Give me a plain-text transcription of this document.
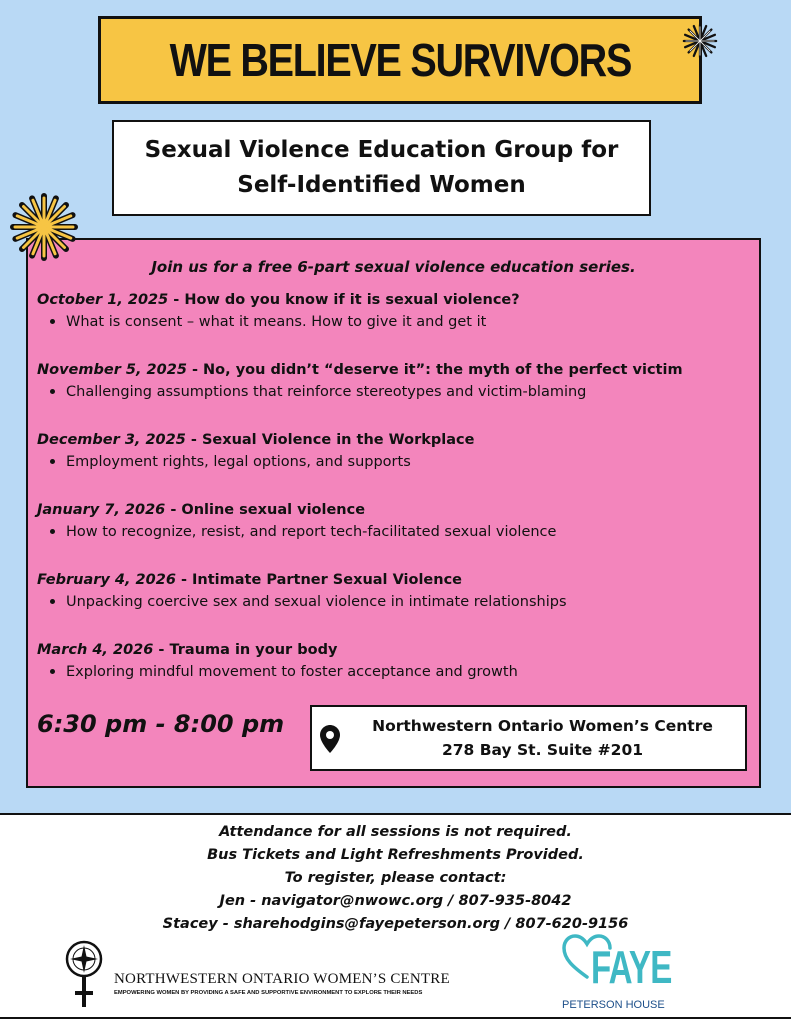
WE BELIEVE SURVIVORS
Sexual Violence Education Group for
Self-Identified Women
Join us for a free 6-part sexual violence education series.
October 1, 2025 - How do you know if it is sexual violence?
What is consent – what it means. How to give it and get it
November 5, 2025 - No, you didn’t “deserve it”: the myth of the perfect victim
Challenging assumptions that reinforce stereotypes and victim-blaming
December 3, 2025 - Sexual Violence in the Workplace
Employment rights, legal options, and supports
January 7, 2026 - Online sexual violence
How to recognize, resist, and report tech-facilitated sexual violence
February 4, 2026 - Intimate Partner Sexual Violence
Unpacking coercive sex and sexual violence in intimate relationships
March 4, 2026 - Trauma in your body
Exploring mindful movement to foster acceptance and growth
6:30 pm - 8:00 pm	Northwestern Ontario Women’s Centre
278 Bay St. Suite #201
Attendance for all sessions is not required.
Bus Tickets and Light Refreshments Provided.
To register, please contact:
Jen - navigator@nwowc.org / 807-935-8042
Stacey - sharehodgins@fayepeterson.org / 807-620-9156
NORTHWESTERN ONTARIO WOMEN’S CENTRE
EMPOWERING WOMEN BY PROVIDING A SAFE AND SUPPORTIVE ENVIRONMENT TO EXPLORE THEIR NEEDS	FAYE
PETERSON HOUSE
